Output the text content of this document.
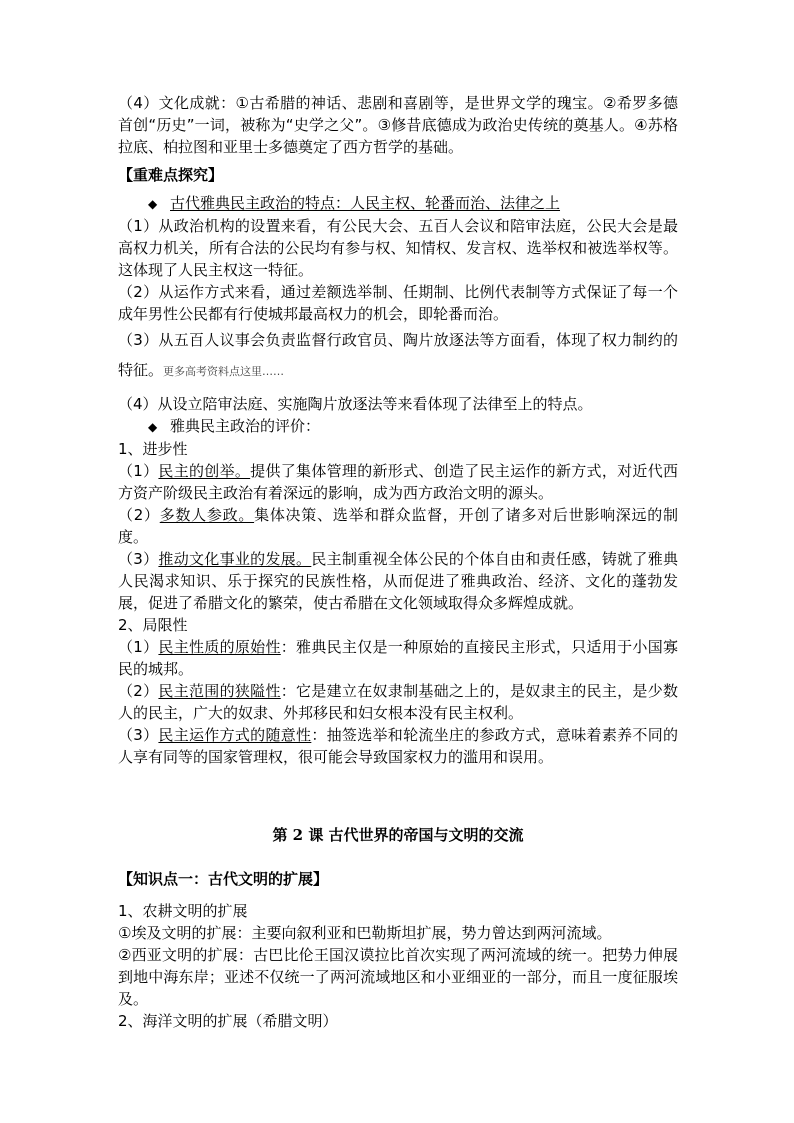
（4）文化成就：①古希腊的神话、悲剧和喜剧等，是世界文学的瑰宝。②希罗多德首创“历史”一词，被称为“史学之父”。③修昔底德成为政治史传统的奠基人。④苏格拉底、柏拉图和亚里士多德奠定了西方哲学的基础。

【重难点探究】

◆ 古代雅典民主政治的特点：人民主权、轮番而治、法律之上

（1）从政治机构的设置来看，有公民大会、五百人会议和陪审法庭，公民大会是最高权力机关，所有合法的公民均有参与权、知情权、发言权、选举权和被选举权等。这体现了人民主权这一特征。

（2）从运作方式来看，通过差额选举制、任期制、比例代表制等方式保证了每一个成年男性公民都有行使城邦最高权力的机会，即轮番而治。

（3）从五百人议事会负责监督行政官员、陶片放逐法等方面看，体现了权力制约的特征。更多高考资料点这里……

（4）从设立陪审法庭、实施陶片放逐法等来看体现了法律至上的特点。

◆ 雅典民主政治的评价：

1、进步性

（1）民主的创举。提供了集体管理的新形式、创造了民主运作的新方式，对近代西方资产阶级民主政治有着深远的影响，成为西方政治文明的源头。

（2）多数人参政。集体决策、选举和群众监督，开创了诸多对后世影响深远的制度。

（3）推动文化事业的发展。民主制重视全体公民的个体自由和责任感，铸就了雅典人民渴求知识、乐于探究的民族性格，从而促进了雅典政治、经济、文化的蓬勃发展，促进了希腊文化的繁荣，使古希腊在文化领域取得众多辉煌成就。

2、局限性

（1）民主性质的原始性：雅典民主仅是一种原始的直接民主形式，只适用于小国寡民的城邦。

（2）民主范围的狭隘性：它是建立在奴隶制基础之上的，是奴隶主的民主，是少数人的民主，广大的奴隶、外邦移民和妇女根本没有民主权利。

（3）民主运作方式的随意性：抽签选举和轮流坐庄的参政方式，意味着素养不同的人享有同等的国家管理权，很可能会导致国家权力的滥用和误用。

第 2 课 古代世界的帝国与文明的交流

【知识点一：古代文明的扩展】

1、农耕文明的扩展

①埃及文明的扩展：主要向叙利亚和巴勒斯坦扩展，势力曾达到两河流域。

②西亚文明的扩展：古巴比伦王国汉谟拉比首次实现了两河流域的统一。把势力伸展到地中海东岸；亚述不仅统一了两河流域地区和小亚细亚的一部分，而且一度征服埃及。

2、海洋文明的扩展（希腊文明）
